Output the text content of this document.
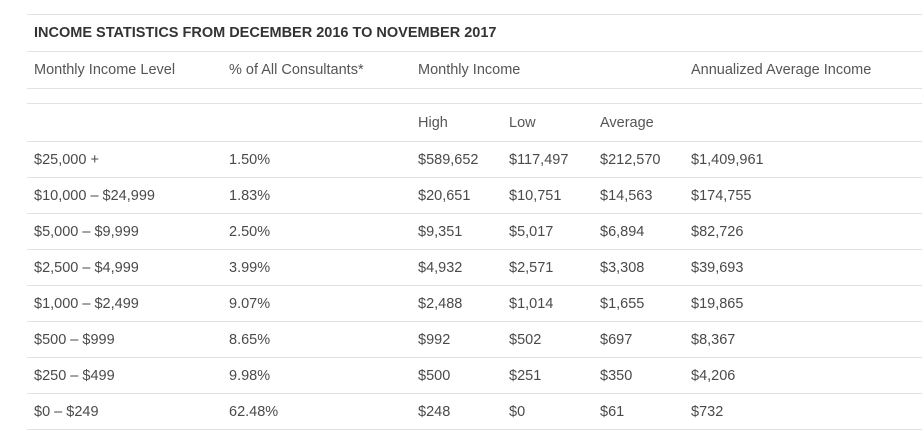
INCOME STATISTICS FROM DECEMBER 2016 TO NOVEMBER 2017					
Monthly Income Level	% of All Consultants*	Monthly Income			Annualized Average Income

		High	Low	Average	
$25,000 +	1.50%	$589,652	$117,497	$212,570	$1,409,961
$10,000 – $24,999	1.83%	$20,651	$10,751	$14,563	$174,755
$5,000 – $9,999	2.50%	$9,351	$5,017	$6,894	$82,726
$2,500 – $4,999	3.99%	$4,932	$2,571	$3,308	$39,693
$1,000 – $2,499	9.07%	$2,488	$1,014	$1,655	$19,865
$500 – $999	8.65%	$992	$502	$697	$8,367
$250 – $499	9.98%	$500	$251	$350	$4,206
$0 – $249	62.48%	$248	$0	$61	$732
